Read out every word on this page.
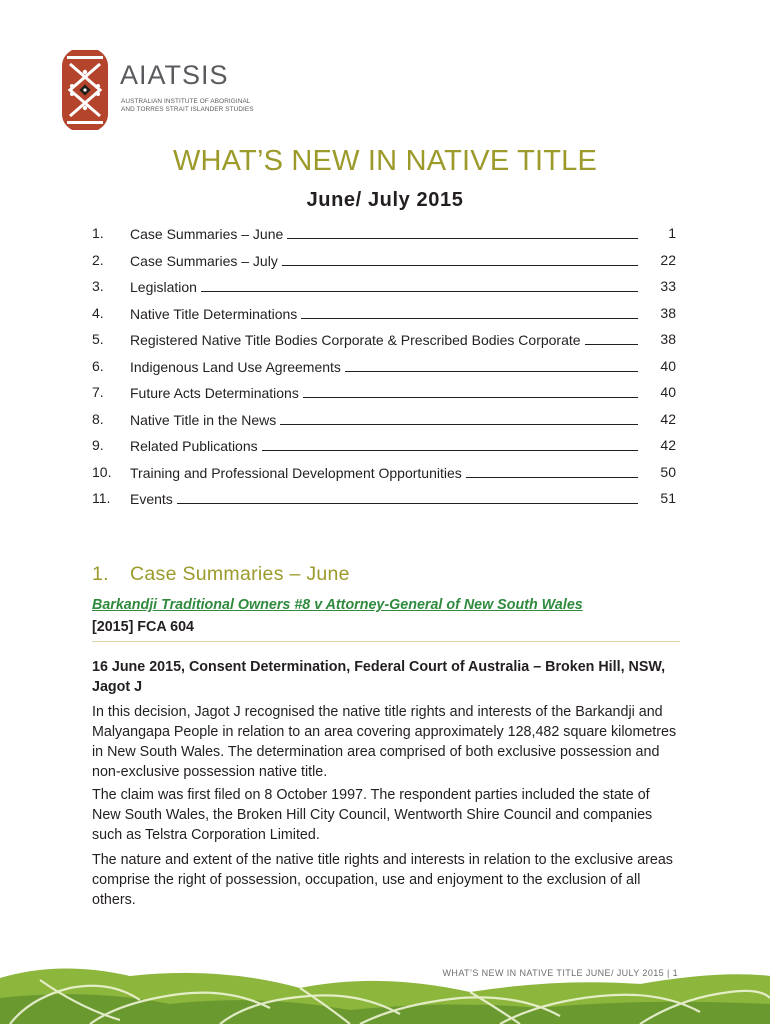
AIATSIS
AUSTRALIAN INSTITUTE OF ABORIGINAL
AND TORRES STRAIT ISLANDER STUDIES
WHAT’S NEW IN NATIVE TITLE
June/ July 2015
1.	Case Summaries – June	1
2.	Case Summaries – July	22
3.	Legislation	33
4.	Native Title Determinations	38
5.	Registered Native Title Bodies Corporate & Prescribed Bodies Corporate	38
6.	Indigenous Land Use Agreements	40
7.	Future Acts Determinations	40
8.	Native Title in the News	42
9.	Related Publications	42
10.	Training and Professional Development Opportunities	50
11.	Events	51
1. Case Summaries – June
Barkandji Traditional Owners #8 v Attorney-General of New South Wales
[2015] FCA 604
16 June 2015, Consent Determination, Federal Court of Australia – Broken Hill, NSW, Jagot J
In this decision, Jagot J recognised the native title rights and interests of the Barkandji and Malyangapa People in relation to an area covering approximately 128,482 square kilometres in New South Wales. The determination area comprised of both exclusive possession and non-exclusive possession native title.
The claim was first filed on 8 October 1997. The respondent parties included the state of New South Wales, the Broken Hill City Council, Wentworth Shire Council and companies such as Telstra Corporation Limited.
The nature and extent of the native title rights and interests in relation to the exclusive areas comprise the right of possession, occupation, use and enjoyment to the exclusion of all others.
WHAT’S NEW IN NATIVE TITLE JUNE/ JULY 2015 | 1
